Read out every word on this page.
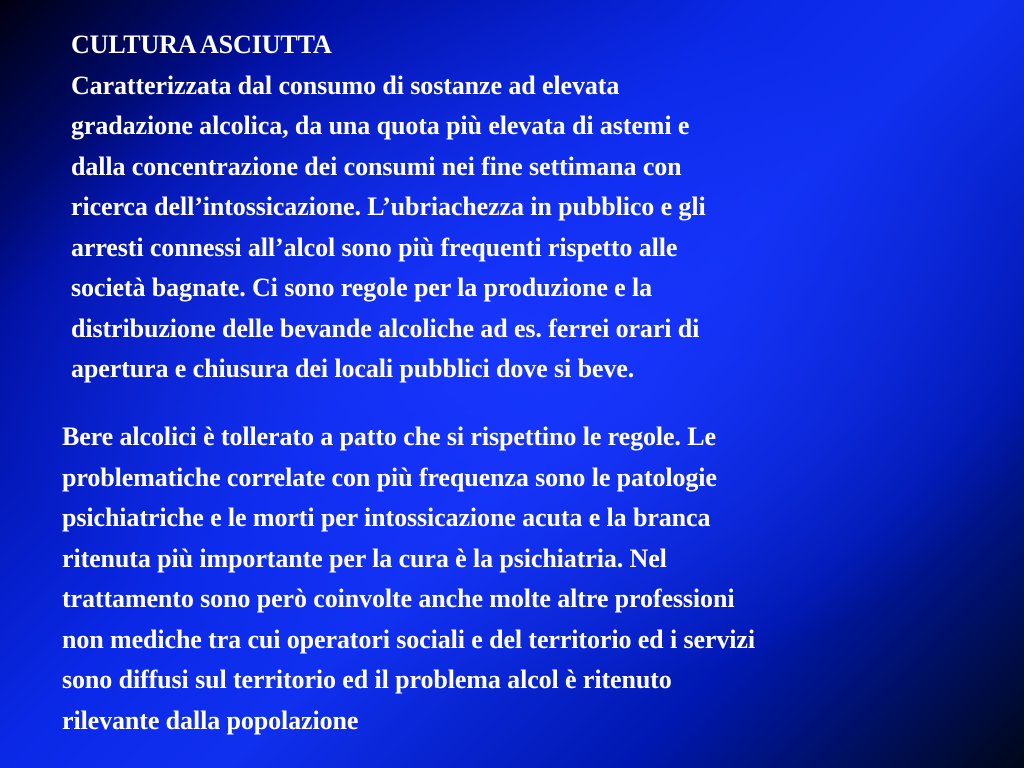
CULTURA ASCIUTTA
Caratterizzata dal consumo di sostanze ad elevata
gradazione alcolica, da una quota più elevata di astemi e
dalla concentrazione dei consumi nei fine settimana con
ricerca dell’intossicazione. L’ubriachezza in pubblico e gli
arresti connessi all’alcol sono più frequenti rispetto alle
società bagnate. Ci sono regole per la produzione e la
distribuzione delle bevande alcoliche ad es. ferrei orari di
apertura e chiusura dei locali pubblici dove si beve.
Bere alcolici è tollerato a patto che si rispettino le regole. Le
problematiche correlate con più frequenza sono le patologie
psichiatriche e le morti per intossicazione acuta e la branca
ritenuta più importante per la cura è la psichiatria. Nel
trattamento sono però coinvolte anche molte altre professioni
non mediche tra cui operatori sociali e del territorio ed i servizi
sono diffusi sul territorio ed il problema alcol è ritenuto
rilevante dalla popolazione
